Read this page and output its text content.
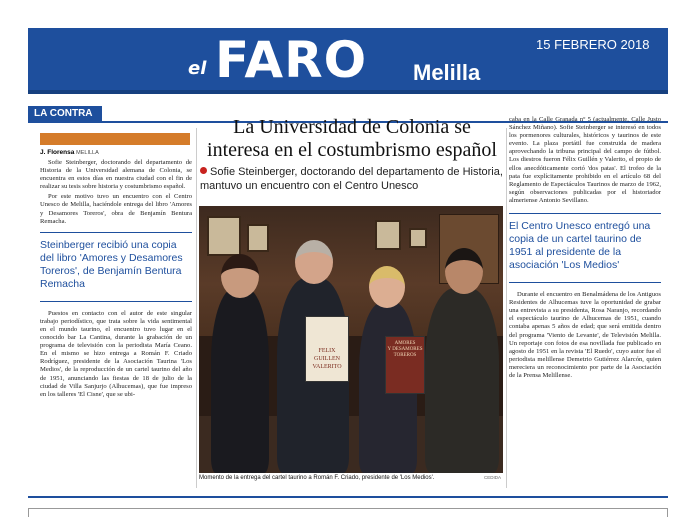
el FARO Melilla
15 FEBRERO 2018
LA CONTRA
J. Florensa MELILLA

Sofie Steinberger, doctorando del departamento de Historia de la Universidad alemana de Colonia, se encuentra en estos días en nuestra ciudad con el fin de realizar su tesis sobre historia y costumbrismo español.

Por este motivo tuvo un encuentro con el Centro Unesco de Melilla, haciéndole entrega del libro 'Amores y Desamores Toreros', obra de Benjamín Bentura Remacha.

Steinberger recibió una copia del libro 'Amores y Desamores Toreros', de Benjamín Bentura Remacha

Puestos en contacto con el autor de este singular trabajo periodístico, que trata sobre la vida sentimental en el mundo taurino, el encuentro tuvo lugar en el conocido bar La Cantina, durante la grabación de un programa de televisión con la periodista María Ceano. En el mismo se hizo entrega a Román F. Criado Rodríguez, presidente de la Asociación Taurina 'Los Medios', de la reproducción de un cartel taurino del año de 1951, anunciando las fiestas de 18 de julio de la ciudad de Villa Sanjurjo (Alhucemas), que fue impreso en los talleres 'El Cisne', que se ubi-

La Universidad de Colonia se interesa en el costumbrismo español
Sofie Steinberger, doctorando del departamento de Historia, mantuvo un encuentro con el Centro Unesco
FELIX GUILLEN
VALERITO
AMORES
Y DESAMORES
TOREROS
Momento de la entrega del cartel taurino a Román F. Criado, presidente de 'Los Medios'.	CEDIDA

caba en la Calle Granada nº 5 (actualmente, Calle Justo Sánchez Miñano). Sofie Steinberger se interesó en todos los pormenores culturales, históricos y taurinos de este evento. La plaza portátil fue construida de madera aprovechando la tribuna principal del campo de fútbol. Los diestros fueron Félix Guillén y Valerito, el propio de ellos anecdóticamente cortó 'dos patas'. El trofeo de la pata fue explícitamente prohibido en el artículo 68 del Reglamento de Espectáculos Taurinos de marzo de 1962, según observaciones publicadas por el historiador almeriense Antonio Sevillano.

El Centro Unesco entregó una copia de un cartel taurino de 1951 al presidente de la asociación 'Los Medios'

Durante el encuentro en Benalmádena de los Antiguos Residentes de Alhucemas tuve la oportunidad de grabar una entrevista a su presidenta, Rosa Naranjo, recordando el espectáculo taurino de Alhucemas de 1951, cuando contaba apenas 5 años de edad; que será emitida dentro del programa 'Viento de Levante', de Televisión Melilla. Un reportaje con fotos de esa novillada fue publicado en agosto de 1951 en la revista 'El Ruedo', cuyo autor fue el periodista melillense Demetrio Gutiérrez Alarcón, quien mereciera un reconocimiento por parte de la Asociación de la Prensa Melillense.
